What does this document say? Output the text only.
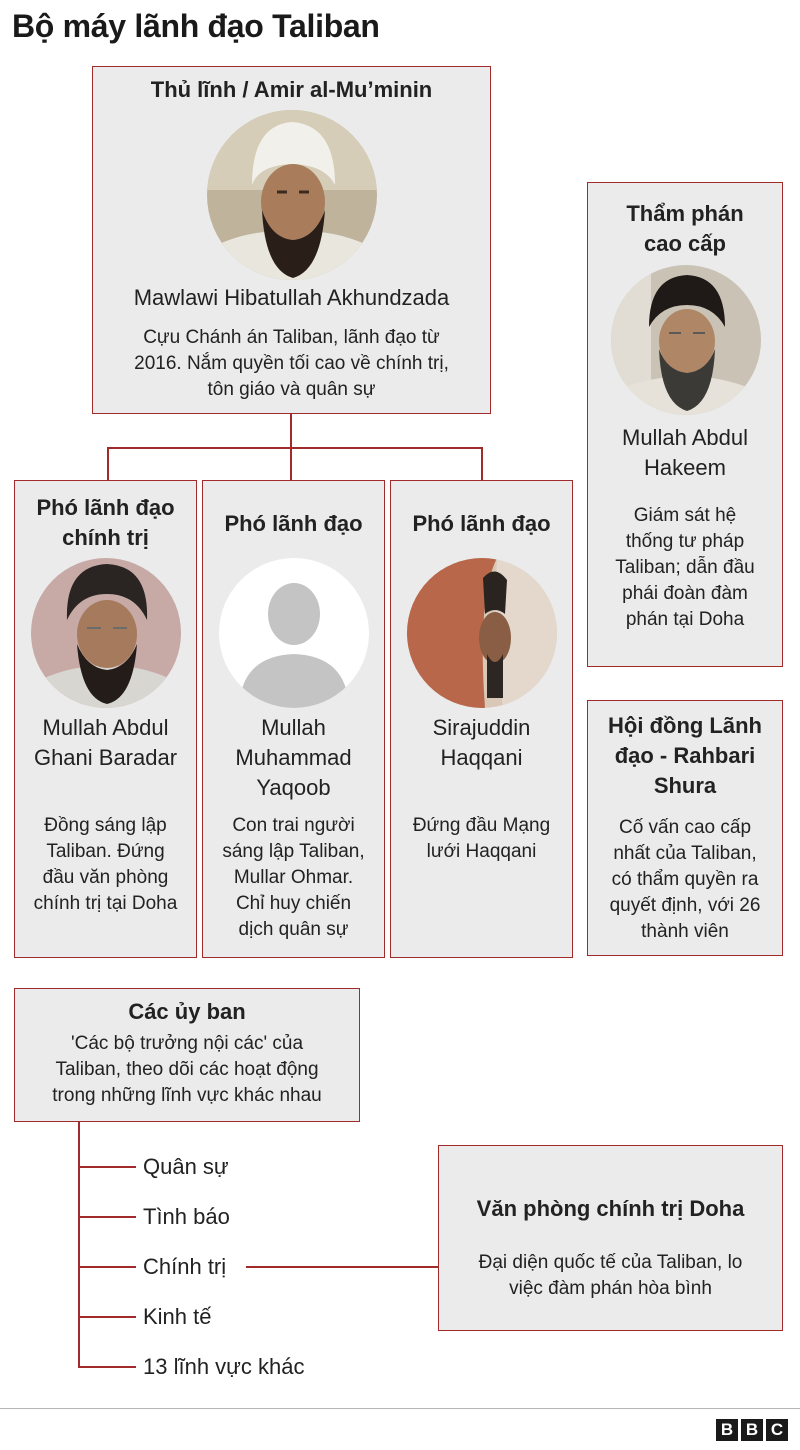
Bộ máy lãnh đạo Taliban
Thủ lĩnh / Amir al-Mu’minin
Mawlawi Hibatullah Akhundzada
Cựu Chánh án Taliban, lãnh đạo từ
2016. Nắm quyền tối cao về chính trị,
tôn giáo và quân sự
Thẩm phán
cao cấp
Mullah Abdul
Hakeem
Giám sát hệ
thống tư pháp
Taliban; dẫn đầu
phái đoàn đàm
phán tại Doha
Phó lãnh đạo
chính trị
Mullah Abdul
Ghani Baradar
Đồng sáng lập
Taliban. Đứng
đầu văn phòng
chính trị tại Doha
Phó lãnh đạo
Mullah
Muhammad
Yaqoob
Con trai người
sáng lập Taliban,
Mullar Ohmar.
Chỉ huy chiến
dịch quân sự
Phó lãnh đạo
Sirajuddin
Haqqani
Đứng đầu Mạng
lưới Haqqani
Hội đồng Lãnh
đạo - Rahbari
Shura
Cố vấn cao cấp
nhất của Taliban,
có thẩm quyền ra
quyết định, với 26
thành viên
Các ủy ban
'Các bộ trưởng nội các' của
Taliban, theo dõi các hoạt động
trong những lĩnh vực khác nhau
Quân sự
Tình báo
Chính trị
Kinh tế
13 lĩnh vực khác
Văn phòng chính trị Doha
Đại diện quốc tế của Taliban, lo
việc đàm phán hòa bình
B B C
